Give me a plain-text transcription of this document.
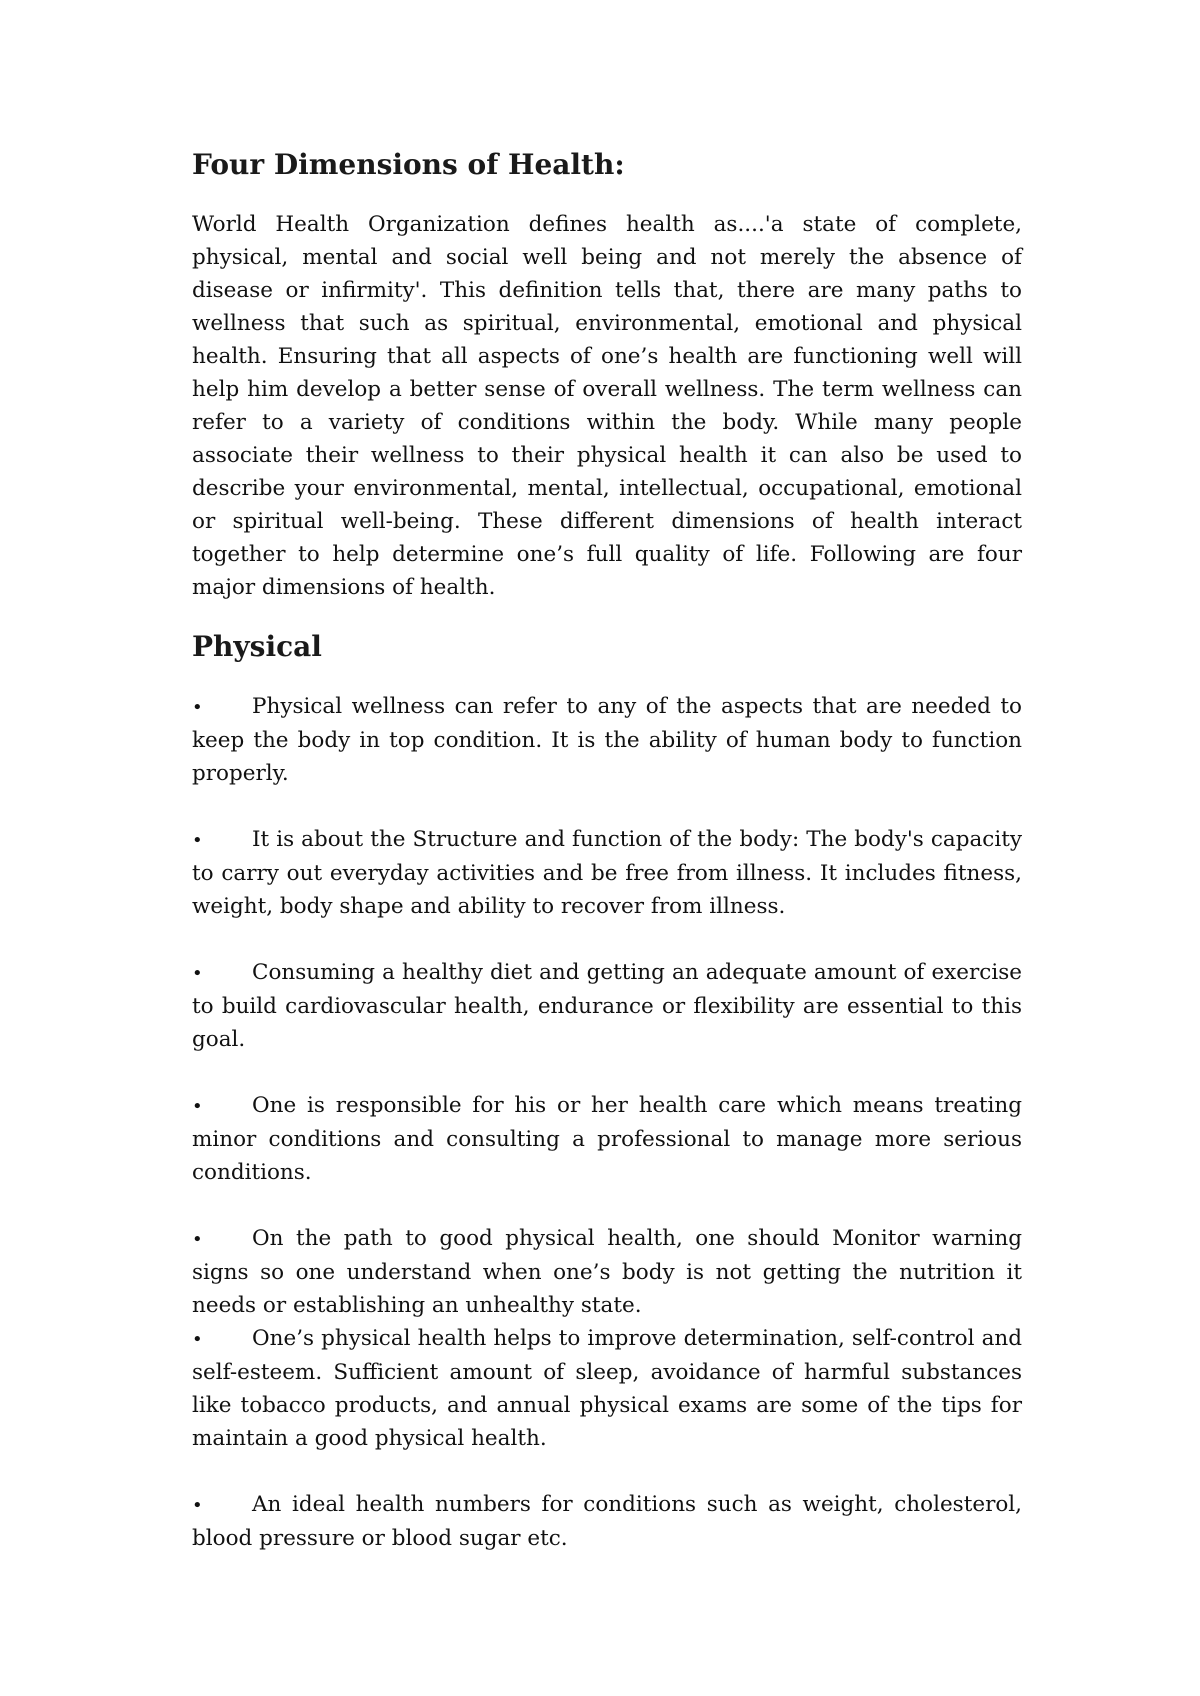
Four Dimensions of Health:

World Health Organization defines health as....'a state of complete, physical, mental and social well being and not merely the absence of disease or infirmity'. This definition tells that, there are many paths to wellness that such as spiritual, environmental, emotional and physical health. Ensuring that all aspects of one’s health are functioning well will help him develop a better sense of overall wellness. The term wellness can refer to a variety of conditions within the body. While many people associate their wellness to their physical health it can also be used to describe your environmental, mental, intellectual, occupational, emotional or spiritual well-being. These different dimensions of health interact together to help determine one’s full quality of life. Following are four major dimensions of health.

Physical
• Physical wellness can refer to any of the aspects that are needed to keep the body in top condition. It is the ability of human body to function properly.
• It is about the Structure and function of the body: The body's capacity to carry out everyday activities and be free from illness. It includes fitness, weight, body shape and ability to recover from illness.
• Consuming a healthy diet and getting an adequate amount of exercise to build cardiovascular health, endurance or flexibility are essential to this goal.
• One is responsible for his or her health care which means treating minor conditions and consulting a professional to manage more serious conditions.
• On the path to good physical health, one should Monitor warning signs so one understand when one’s body is not getting the nutrition it needs or establishing an unhealthy state.
• One’s physical health helps to improve determination, self-control and self-esteem. Sufficient amount of sleep, avoidance of harmful substances like tobacco products, and annual physical exams are some of the tips for maintain a good physical health.
• An ideal health numbers for conditions such as weight, cholesterol, blood pressure or blood sugar etc.
